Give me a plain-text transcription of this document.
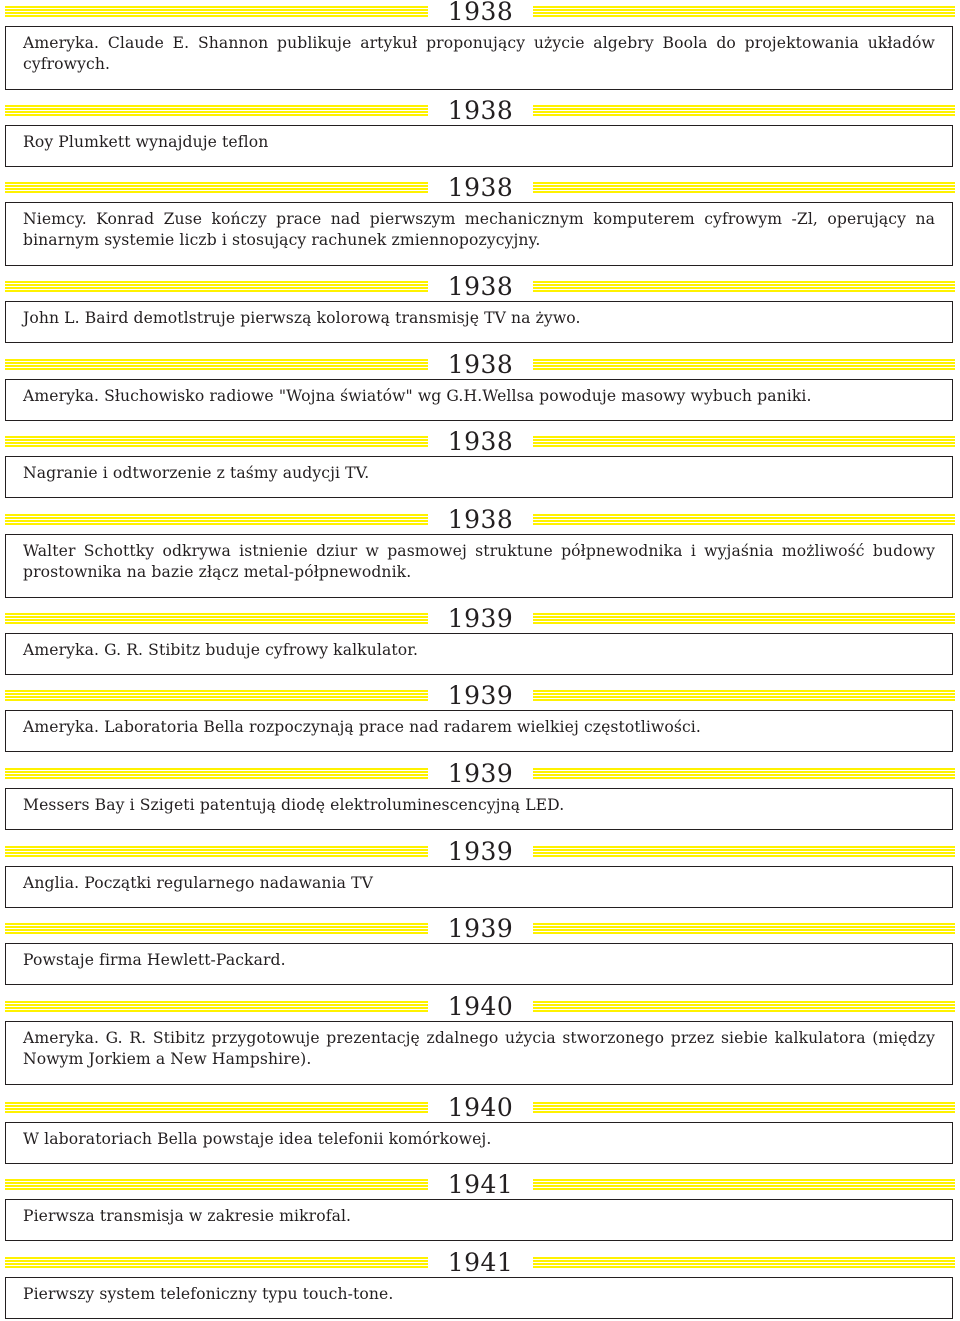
1938
Ameryka. Claude E. Shannon publikuje artykuł proponujący użycie algebry Boola do projektowania układów cyfrowych.
1938
Roy Plumkett wynajduje teflon
1938
Niemcy. Konrad Zuse kończy prace nad pierwszym mechanicznym komputerem cyfrowym -Zl, operujący na binarnym systemie liczb i stosujący rachunek zmiennopozycyjny.
1938
John L. Baird demotlstruje pierwszą kolorową transmisję TV na żywo.
1938
Ameryka. Słuchowisko radiowe "Wojna światów" wg G.H.Wellsa powoduje masowy wybuch paniki.
1938
Nagranie i odtworzenie z taśmy audycji TV.
1938
Walter Schottky odkrywa istnienie dziur w pasmowej struktune półpnewodnika i wyjaśnia możliwość budowy prostownika na bazie złącz metal-półpnewodnik.
1939
Ameryka. G. R. Stibitz buduje cyfrowy kalkulator.
1939
Ameryka. Laboratoria Bella rozpoczynają prace nad radarem wielkiej częstotliwości.
1939
Messers Bay i Szigeti patentują diodę elektroluminescencyjną LED.
1939
Anglia. Początki regularnego nadawania TV
1939
Powstaje firma Hewlett-Packard.
1940
Ameryka. G. R. Stibitz przygotowuje prezentację zdalnego użycia stworzonego przez siebie kalkulatora (między Nowym Jorkiem a New Hampshire).
1940
W laboratoriach Bella powstaje idea telefonii komórkowej.
1941
Pierwsza transmisja w zakresie mikrofal.
1941
Pierwszy system telefoniczny typu touch-tone.
